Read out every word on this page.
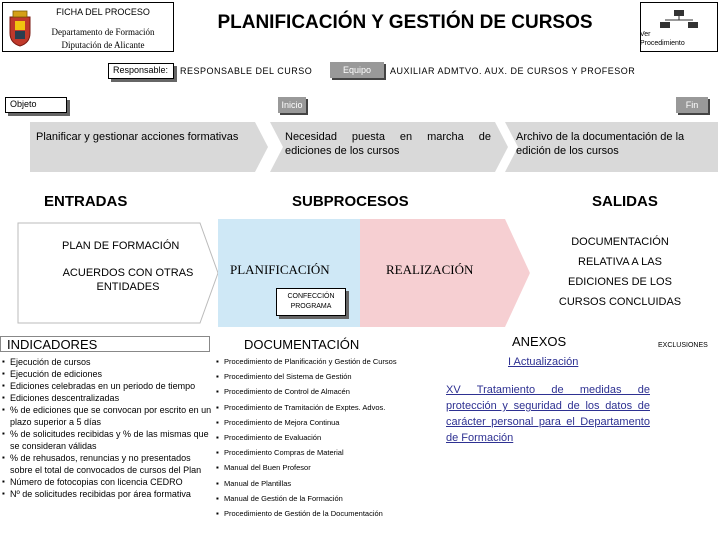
FICHA DEL PROCESO
Departamento de Formación
Diputación de Alicante
PLANIFICACIÓN Y GESTIÓN DE CURSOS
Ver
Procedimiento
Responsable:	RESPONSABLE DEL CURSO	Equipo	AUXILIAR ADMTVO. AUX. DE CURSOS Y PROFESOR
Objeto	Inicio	Fin
Planificar y gestionar acciones formativas	Necesidad puesta en marcha de ediciones de los cursos
Archivo de la documentación de la edición de los cursos
ENTRADAS	SUBPROCESOS	SALIDAS
PLAN DE FORMACIÓN
ACUERDOS CON OTRAS ENTIDADES
PLANIFICACIÓN
CONFECCIÓN PROGRAMA
REALIZACIÓN
DOCUMENTACIÓN
RELATIVA A LAS
EDICIONES DE LOS
CURSOS CONCLUIDAS
INDICADORES	DOCUMENTACIÓN	ANEXOS	EXCLUSIONES
▪ Ejecución de cursos
▪ Ejecución de ediciones
▪ Ediciones celebradas en un periodo de tiempo
▪ Ediciones descentralizadas
▪ % de ediciones que se convocan por escrito en un plazo superior a 5 días
▪ % de solicitudes recibidas y % de las mismas que se consideran válidas
▪ % de rehusados, renuncias y no presentados sobre el total de convocados de cursos del Plan
▪ Número de fotocopias con licencia CEDRO
▪ Nº de solicitudes recibidas por área formativa
▪ Procedimiento de Planificación y Gestión de Cursos
▪ Procedimiento del Sistema de Gestión
▪ Procedimiento de Control de Almacén
▪ Procedimiento de Tramitación de Exptes. Advos.
▪ Procedimiento de Mejora Continua
▪ Procedimiento de Evaluación
▪ Procedimiento Compras de Material
▪ Manual del Buen Profesor
▪ Manual de Plantillas
▪ Manual de Gestión de la Formación
▪ Procedimiento de Gestión de la Documentación
I Actualización
XV Tratamiento de medidas de protección y seguridad de los datos de carácter personal para el Departamento de Formación
